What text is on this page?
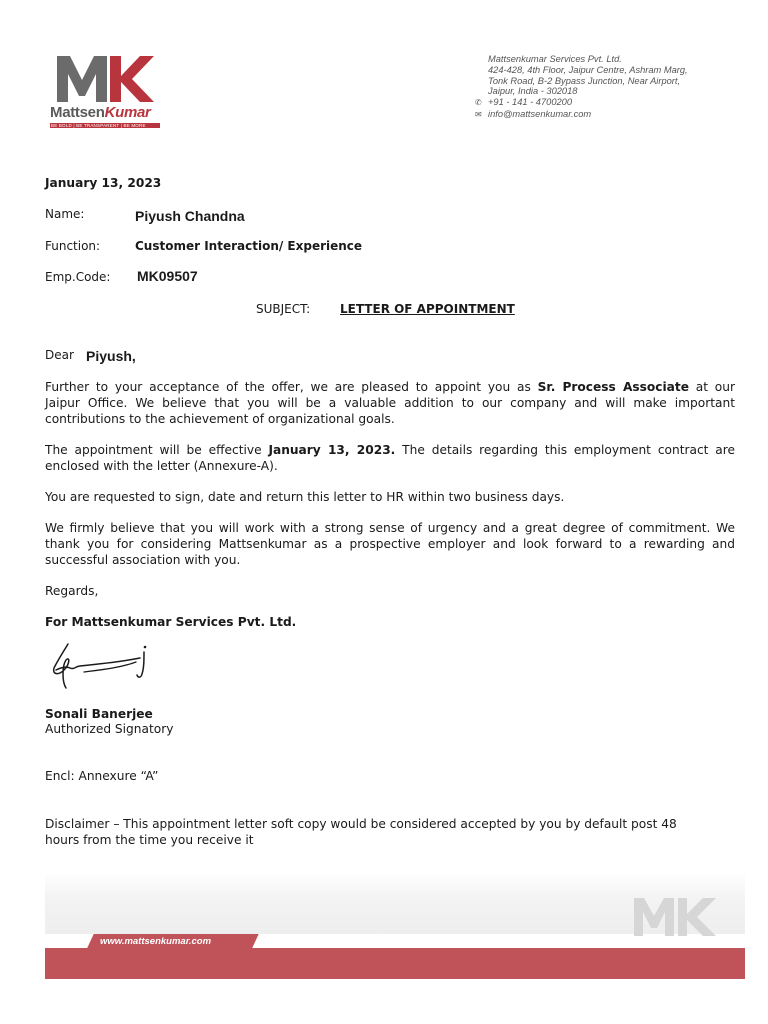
MattsenKumar
BE BOLD | BE TRANSPARENT | BE MORE
Mattsenkumar Services Pvt. Ltd.
424-428, 4th Floor, Jaipur Centre, Ashram Marg,
Tonk Road, B-2 Bypass Junction, Near Airport,
Jaipur, India - 302018
✆ +91 - 141 - 4700200
✉ info@mattsenkumar.com
January 13, 2023
Name:	Piyush Chandna
Function:	Customer Interaction/ Experience
Emp.Code: MK09507
SUBJECT: LETTER OF APPOINTMENT
Dear Piyush,
Further to your acceptance of the offer, we are pleased to appoint you as Sr. Process Associate at our
Jaipur Office. We believe that you will be a valuable addition to our company and will make important
contributions to the achievement of organizational goals.
The appointment will be effective January 13, 2023. The details regarding this employment contract are
enclosed with the letter (Annexure-A).
You are requested to sign, date and return this letter to HR within two business days.
We firmly believe that you will work with a strong sense of urgency and a great degree of commitment. We
thank you for considering Mattsenkumar as a prospective employer and look forward to a rewarding and
successful association with you.
Regards,
For Mattsenkumar Services Pvt. Ltd.
Sonali Banerjee
Authorized Signatory
Encl: Annexure “A”
Disclaimer – This appointment letter soft copy would be considered accepted by you by default post 48
hours from the time you receive it
www.mattsenkumar.com
